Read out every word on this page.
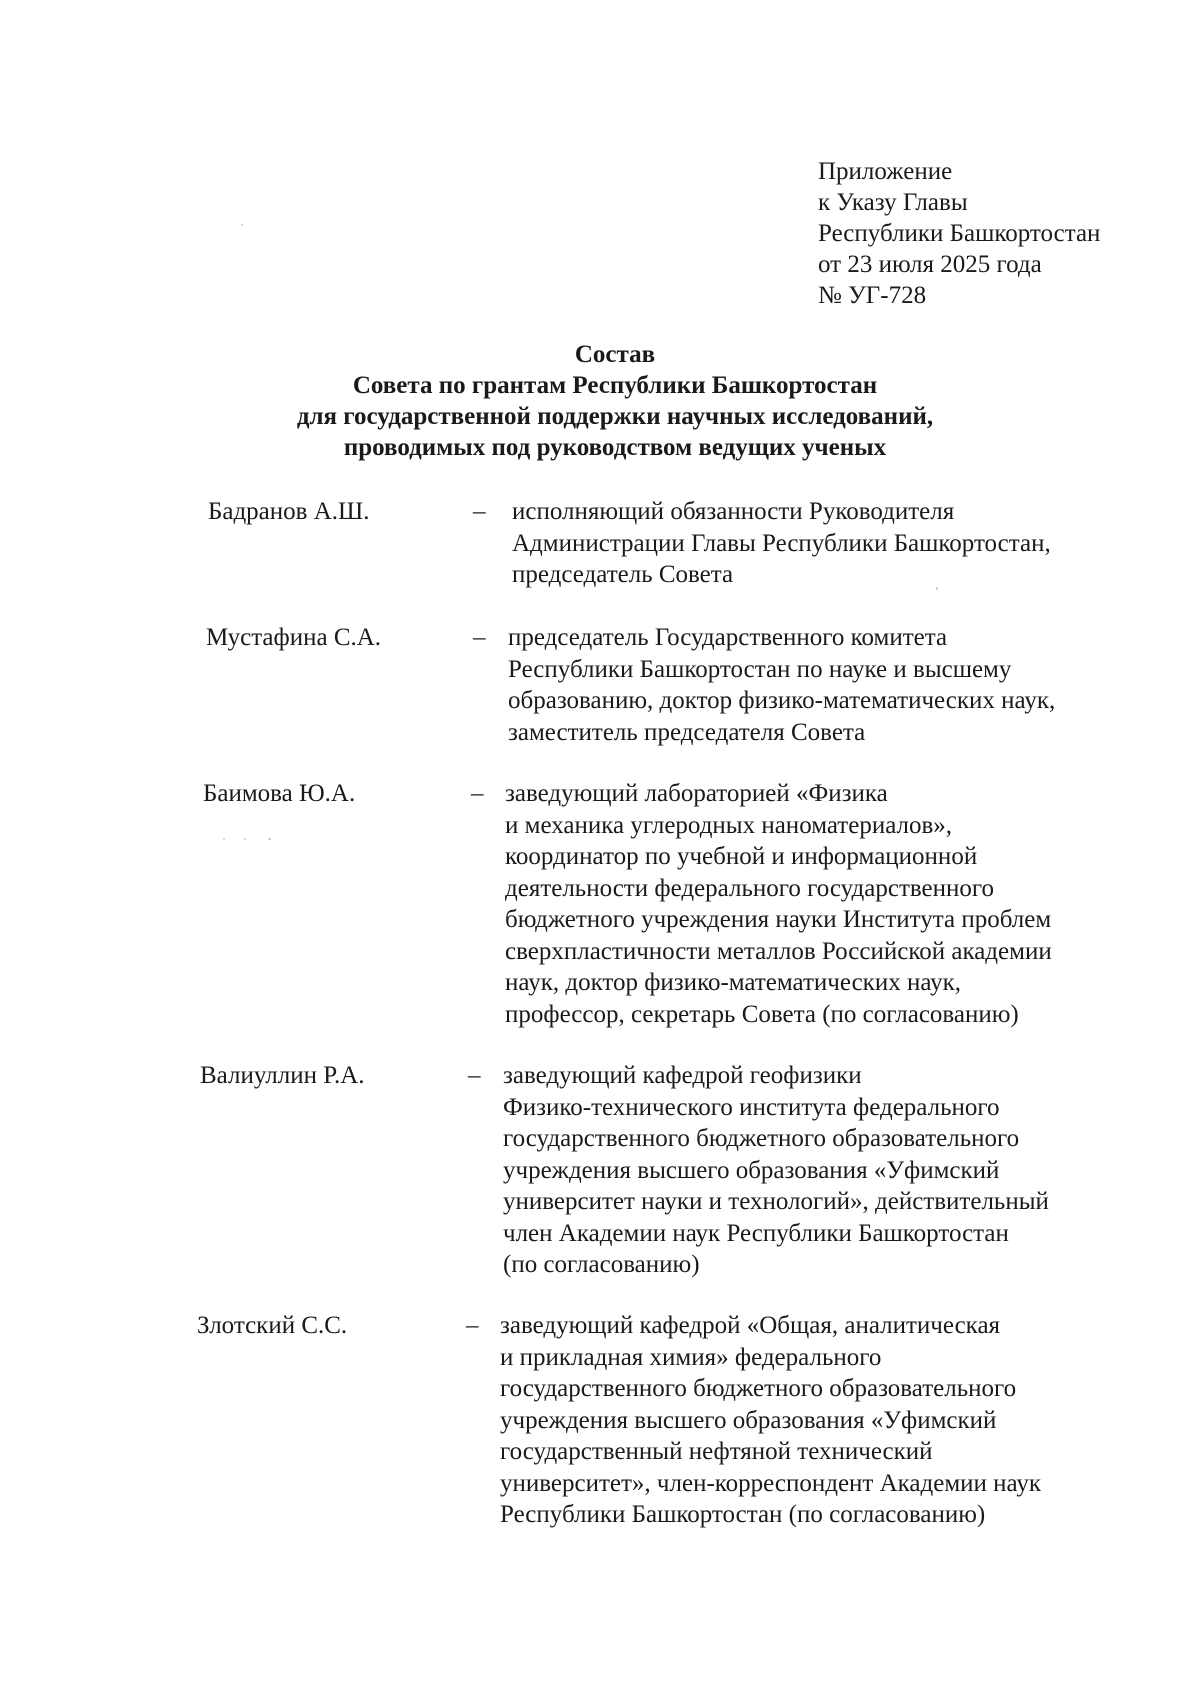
Приложение
к Указу Главы
Республики Башкортостан
от 23 июля 2025 года
№ УГ-728
Состав
Совета по грантам Республики Башкортостан
для государственной поддержки научных исследований,
проводимых под руководством ведущих ученых
Бадранов А.Ш.	– исполняющий обязанности Руководителя
Администрации Главы Республики Башкортостан,
председатель Совета
Мустафина С.А.	– председатель Государственного комитета
Республики Башкортостан по науке и высшему
образованию, доктор физико-математических наук,
заместитель председателя Совета
Баимова Ю.А.	– заведующий лабораторией «Физика
и механика углеродных наноматериалов»,
координатор по учебной и информационной
деятельности федерального государственного
бюджетного учреждения науки Института проблем
сверхпластичности металлов Российской академии
наук, доктор физико-математических наук,
профессор, секретарь Совета (по согласованию)
Валиуллин Р.А.	– заведующий кафедрой геофизики
Физико-технического института федерального
государственного бюджетного образовательного
учреждения высшего образования «Уфимский
университет науки и технологий», действительный
член Академии наук Республики Башкортостан
(по согласованию)
Злотский С.С.	– заведующий кафедрой «Общая, аналитическая
и прикладная химия» федерального
государственного бюджетного образовательного
учреждения высшего образования «Уфимский
государственный нефтяной технический
университет», член-корреспондент Академии наук
Республики Башкортостан (по согласованию)
